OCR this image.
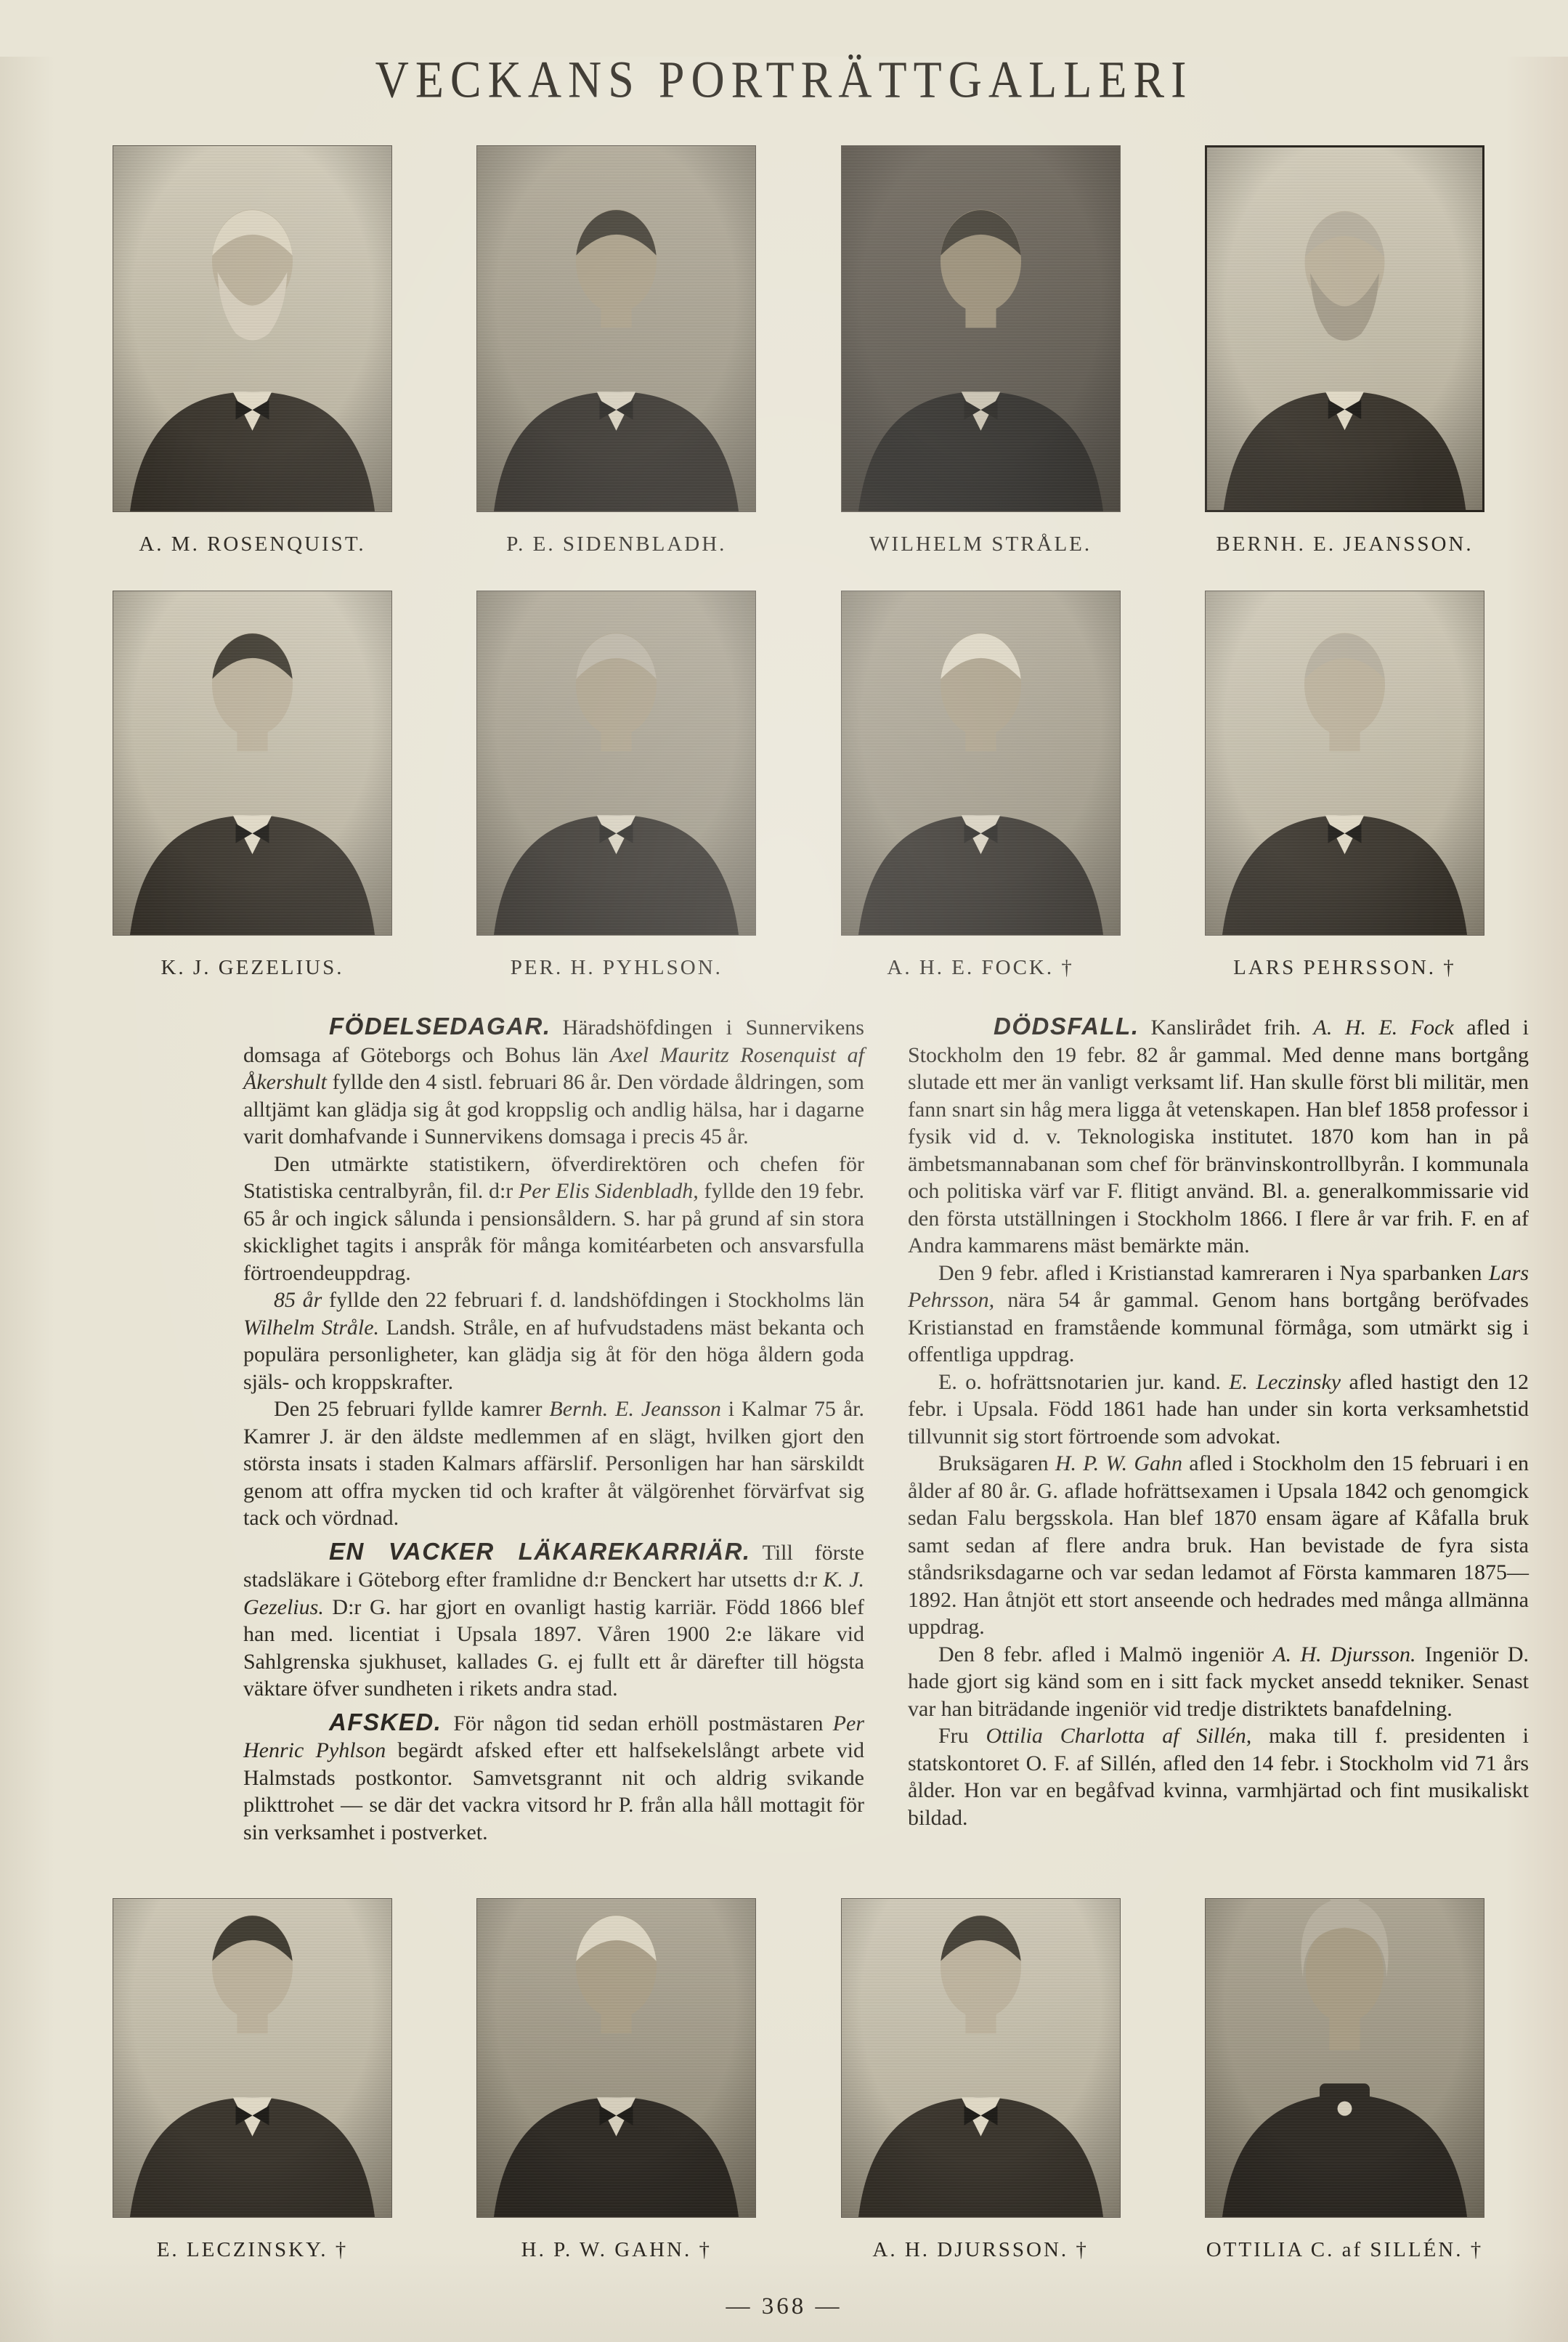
VECKANS PORTRÄTTGALLERI
A. M. ROSENQUIST.	P. E. SIDENBLADH.	WILHELM STRÅLE.	BERNH. E. JEANSSON.
K. J. GEZELIUS.	PER. H. PYHLSON.	A. H. E. FOCK. †	LARS PEHRSSON. †

FÖDELSEDAGAR. Häradshöfdingen i Sunnervikens domsaga af Göteborgs och Bohus län Axel Mauritz Rosenquist af Åkershult fyllde den 4 sistl. februari 86 år. Den vördade åldringen, som alltjämt kan glädja sig åt god kroppslig och andlig hälsa, har i dagarne varit domhafvande i Sunnervikens domsaga i precis 45 år.

Den utmärkte statistikern, öfverdirektören och chefen för Statistiska centralbyrån, fil. d:r Per Elis Sidenbladh, fyllde den 19 febr. 65 år och ingick sålunda i pensionsåldern. S. har på grund af sin stora skicklighet tagits i anspråk för många komitéarbeten och ansvarsfulla förtroendeuppdrag.

85 år fyllde den 22 februari f. d. landshöfdingen i Stockholms län Wilhelm Stråle. Landsh. Stråle, en af hufvudstadens mäst bekanta och populära personligheter, kan glädja sig åt för den höga åldern goda själs- och kroppskrafter.

Den 25 februari fyllde kamrer Bernh. E. Jeansson i Kalmar 75 år. Kamrer J. är den äldste medlemmen af en slägt, hvilken gjort den största insats i staden Kalmars affärslif. Personligen har han särskildt genom att offra mycken tid och krafter åt välgörenhet förvärfvat sig tack och vördnad.

EN VACKER LÄKAREKARRIÄR. Till förste stadsläkare i Göteborg efter framlidne d:r Benckert har utsetts d:r K. J. Gezelius. D:r G. har gjort en ovanligt hastig karriär. Född 1866 blef han med. licentiat i Upsala 1897. Våren 1900 2:e läkare vid Sahlgrenska sjukhuset, kallades G. ej fullt ett år därefter till högsta väktare öfver sundheten i rikets andra stad.

AFSKED. För någon tid sedan erhöll postmästaren Per Henric Pyhlson begärdt afsked efter ett halfsekelslångt arbete vid Halmstads postkontor. Samvetsgrannt nit och aldrig svikande plikttrohet — se där det vackra vitsord hr P. från alla håll mottagit för sin verksamhet i postverket.

DÖDSFALL. Kanslirådet frih. A. H. E. Fock afled i Stockholm den 19 febr. 82 år gammal. Med denne mans bortgång slutade ett mer än vanligt verksamt lif. Han skulle först bli militär, men fann snart sin håg mera ligga åt vetenskapen. Han blef 1858 professor i fysik vid d. v. Teknologiska institutet. 1870 kom han in på ämbetsmannabanan som chef för bränvinskontrollbyrån. I kommunala och politiska värf var F. flitigt använd. Bl. a. generalkommissarie vid den första utställningen i Stockholm 1866. I flere år var frih. F. en af Andra kammarens mäst bemärkte män.

Den 9 febr. afled i Kristianstad kamreraren i Nya sparbanken Lars Pehrsson, nära 54 år gammal. Genom hans bortgång beröfvades Kristianstad en framstående kommunal förmåga, som utmärkt sig i offentliga uppdrag.

E. o. hofrättsnotarien jur. kand. E. Leczinsky afled hastigt den 12 febr. i Upsala. Född 1861 hade han under sin korta verksamhetstid tillvunnit sig stort förtroende som advokat.

Bruksägaren H. P. W. Gahn afled i Stockholm den 15 februari i en ålder af 80 år. G. aflade hofrättsexamen i Upsala 1842 och genomgick sedan Falu bergsskola. Han blef 1870 ensam ägare af Kåfalla bruk samt sedan af flere andra bruk. Han bevistade de fyra sista ståndsriksdagarne och var sedan ledamot af Första kammaren 1875—1892. Han åtnjöt ett stort anseende och hedrades med många allmänna uppdrag.

Den 8 febr. afled i Malmö ingeniör A. H. Djursson. Ingeniör D. hade gjort sig känd som en i sitt fack mycket ansedd tekniker. Senast var han biträdande ingeniör vid tredje distriktets banafdelning.

Fru Ottilia Charlotta af Sillén, maka till f. presidenten i statskontoret O. F. af Sillén, afled den 14 febr. i Stockholm vid 71 års ålder. Hon var en begåfvad kvinna, varmhjärtad och fint musikaliskt bildad.

E. LECZINSKY. †	H. P. W. GAHN. †	A. H. DJURSSON. †	OTTILIA C. af SILLÉN. †
— 368 —
